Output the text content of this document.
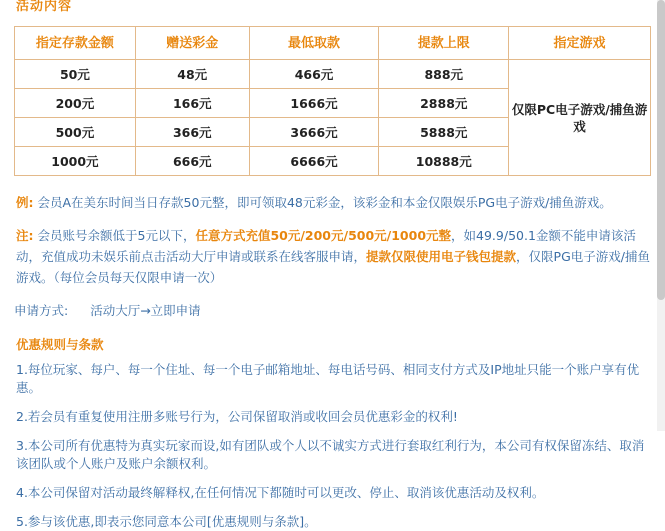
活动内容
指定存款金额	赠送彩金	最低取款	提款上限	指定游戏
50元	48元	466元	888元	仅限PC电子游戏/捕鱼游戏
200元	166元	1666元	2888元	
500元	366元	3666元	5888元	
1000元	666元	6666元	10888元	
例: 会员A在美东时间当日存款50元整，即可领取48元彩金，该彩金和本金仅限娱乐PG电子游戏/捕鱼游戏。
注: 会员账号余额低于5元以下，任意方式充值50元/200元/500元/1000元整，如49.9/50.1金额不能申请该活动，充值成功未娱乐前点击活动大厅申请或联系在线客服申请，提款仅限使用电子钱包提款，仅限PG电子游戏/捕鱼游戏。（每位会员每天仅限申请一次）
申请方式: 活动大厅→立即申请
优惠规则与条款
1.每位玩家、每户、每一个住址、每一个电子邮箱地址、每电话号码、相同支付方式及IP地址只能一个账户享有优惠。
2.若会员有重复使用注册多账号行为，公司保留取消或收回会员优惠彩金的权利!
3.本公司所有优惠特为真实玩家而设,如有团队或个人以不诚实方式进行套取红利行为，本公司有权保留冻结、取消该团队或个人账户及账户余额权利。
4.本公司保留对活动最终解释权,在任何情况下都随时可以更改、停止、取消该优惠活动及权利。
5.参与该优惠,即表示您同意本公司[优惠规则与条款]。
